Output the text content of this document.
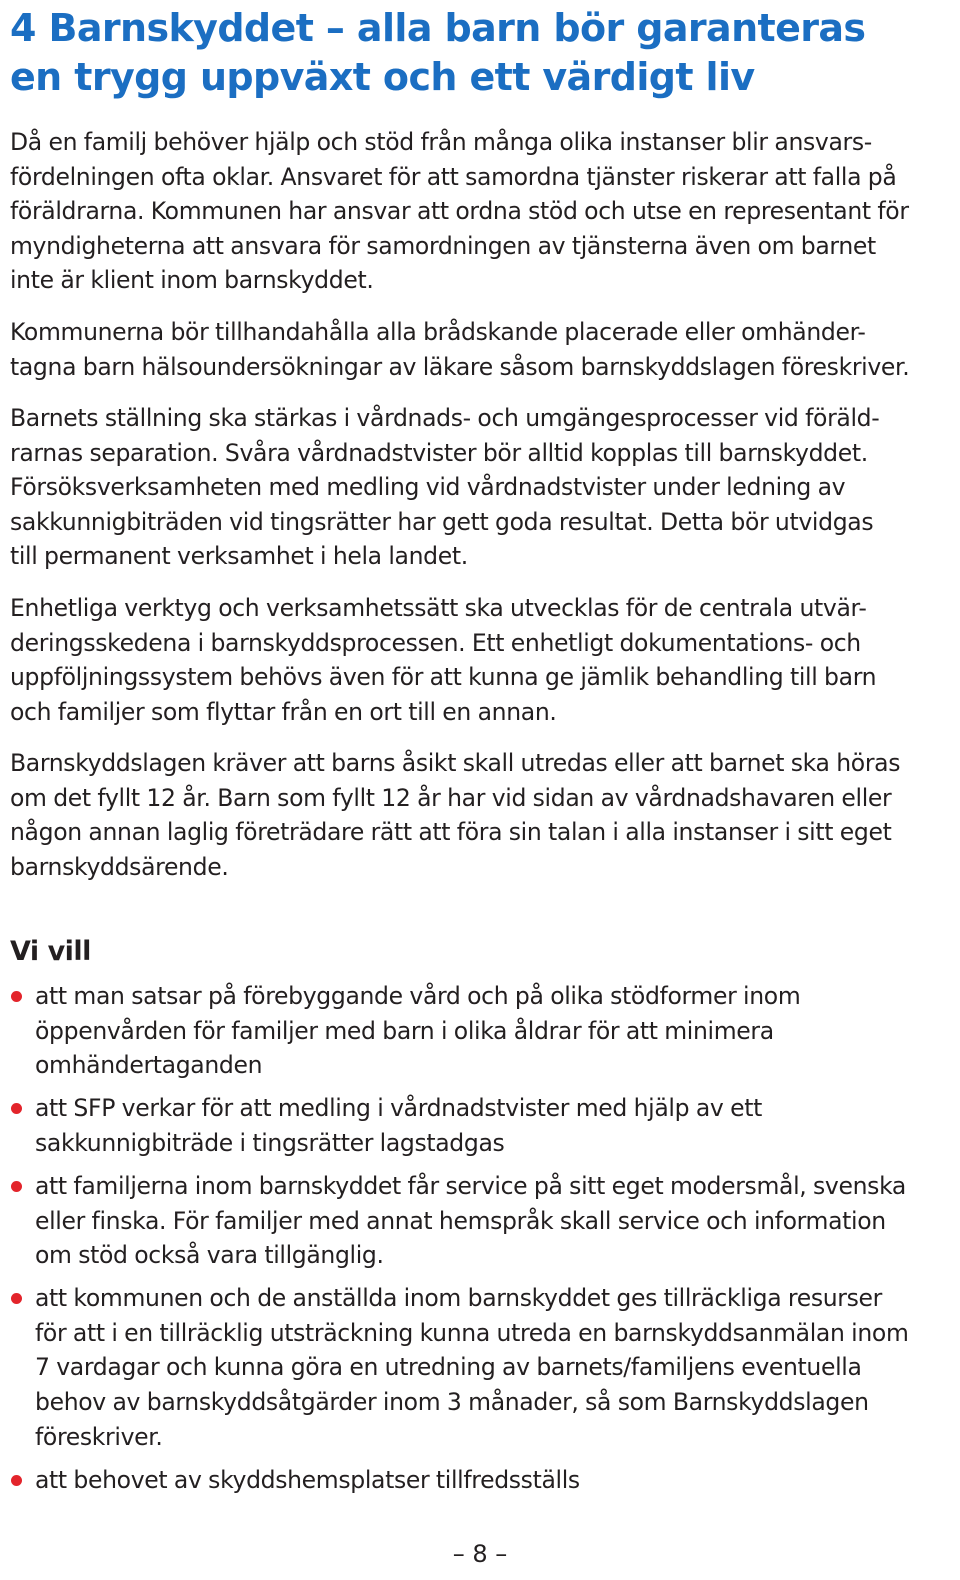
4 Barnskyddet – alla barn bör garanteras
en trygg uppväxt och ett värdigt liv

Då en familj behöver hjälp och stöd från många olika instanser blir ansvars-
fördelningen ofta oklar. Ansvaret för att samordna tjänster riskerar att falla på
föräldrarna. Kommunen har ansvar att ordna stöd och utse en representant för
myndigheterna att ansvara för samordningen av tjänsterna även om barnet
inte är klient inom barnskyddet.

Kommunerna bör tillhandahålla alla brådskande placerade eller omhänder-
tagna barn hälsoundersökningar av läkare såsom barnskyddslagen föreskriver.

Barnets ställning ska stärkas i vårdnads- och umgängesprocesser vid föräld-
rarnas separation. Svåra vårdnadstvister bör alltid kopplas till barnskyddet.
Försöksverksamheten med medling vid vårdnadstvister under ledning av
sakkunnigbiträden vid tingsrätter har gett goda resultat. Detta bör utvidgas
till permanent verksamhet i hela landet.

Enhetliga verktyg och verksamhetssätt ska utvecklas för de centrala utvär-
deringsskedena i barnskyddsprocessen. Ett enhetligt dokumentations- och
uppföljningssystem behövs även för att kunna ge jämlik behandling till barn
och familjer som flyttar från en ort till en annan.

Barnskyddslagen kräver att barns åsikt skall utredas eller att barnet ska höras
om det fyllt 12 år. Barn som fyllt 12 år har vid sidan av vårdnadshavaren eller
någon annan laglig företrädare rätt att föra sin talan i alla instanser i sitt eget
barnskyddsärende.

Vi vill
att man satsar på förebyggande vård och på olika stödformer inom
öppenvården för familjer med barn i olika åldrar för att minimera
omhändertaganden
att SFP verkar för att medling i vårdnadstvister med hjälp av ett
sakkunnigbiträde i tingsrätter lagstadgas
att familjerna inom barnskyddet får service på sitt eget modersmål, svenska
eller finska. För familjer med annat hemspråk skall service och information
om stöd också vara tillgänglig.
att kommunen och de anställda inom barnskyddet ges tillräckliga resurser
för att i en tillräcklig utsträckning kunna utreda en barnskyddsanmälan inom
7 vardagar och kunna göra en utredning av barnets/familjens eventuella
behov av barnskyddsåtgärder inom 3 månader, så som Barnskyddslagen
föreskriver.
att behovet av skyddshemsplatser tillfredsställs
– 8 –
